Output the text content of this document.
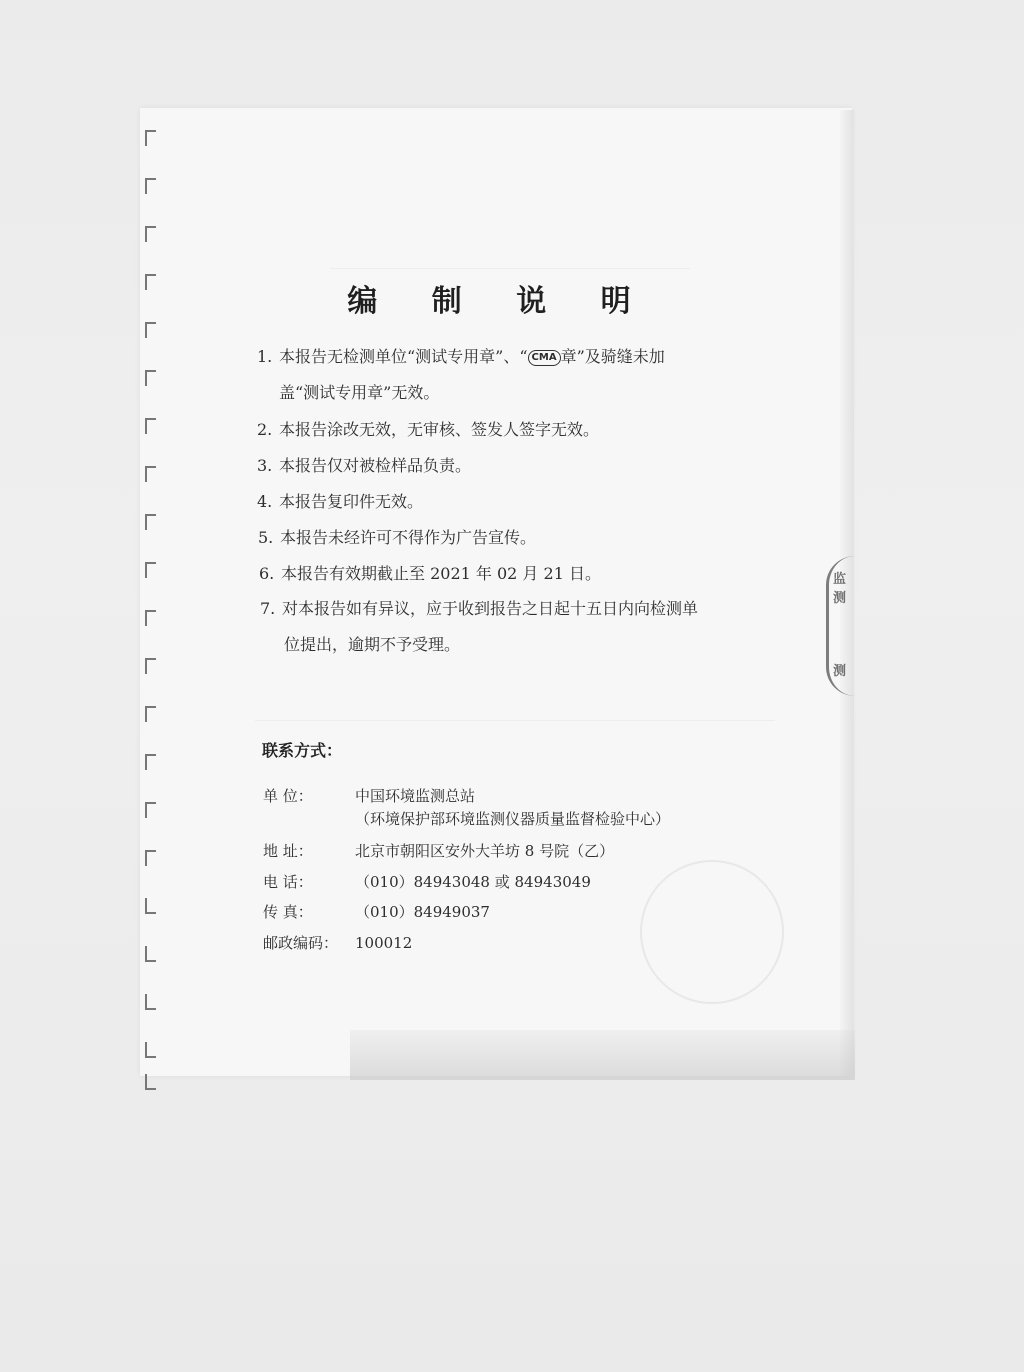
编 制 说 明
1. 本报告无检测单位“测试专用章”、“ CMA 章”及骑缝未加
盖“测试专用章”无效。
2. 本报告涂改无效，无审核、签发人签字无效。
3. 本报告仅对被检样品负责。
4. 本报告复印件无效。
5. 本报告未经许可不得作为广告宣传。
6. 本报告有效期截止至 2021 年 02 月 21 日。
7. 对本报告如有异议，应于收到报告之日起十五日内向检测单
位提出，逾期不予受理。
联系方式：
单 位：	中国环境监测总站
（环境保护部环境监测仪器质量监督检验中心）
地 址：	北京市朝阳区安外大羊坊 8 号院（乙）
电 话：	（010）84943048 或 84943049
传 真：	（010）84949037
邮政编码： 100012
监测
测
